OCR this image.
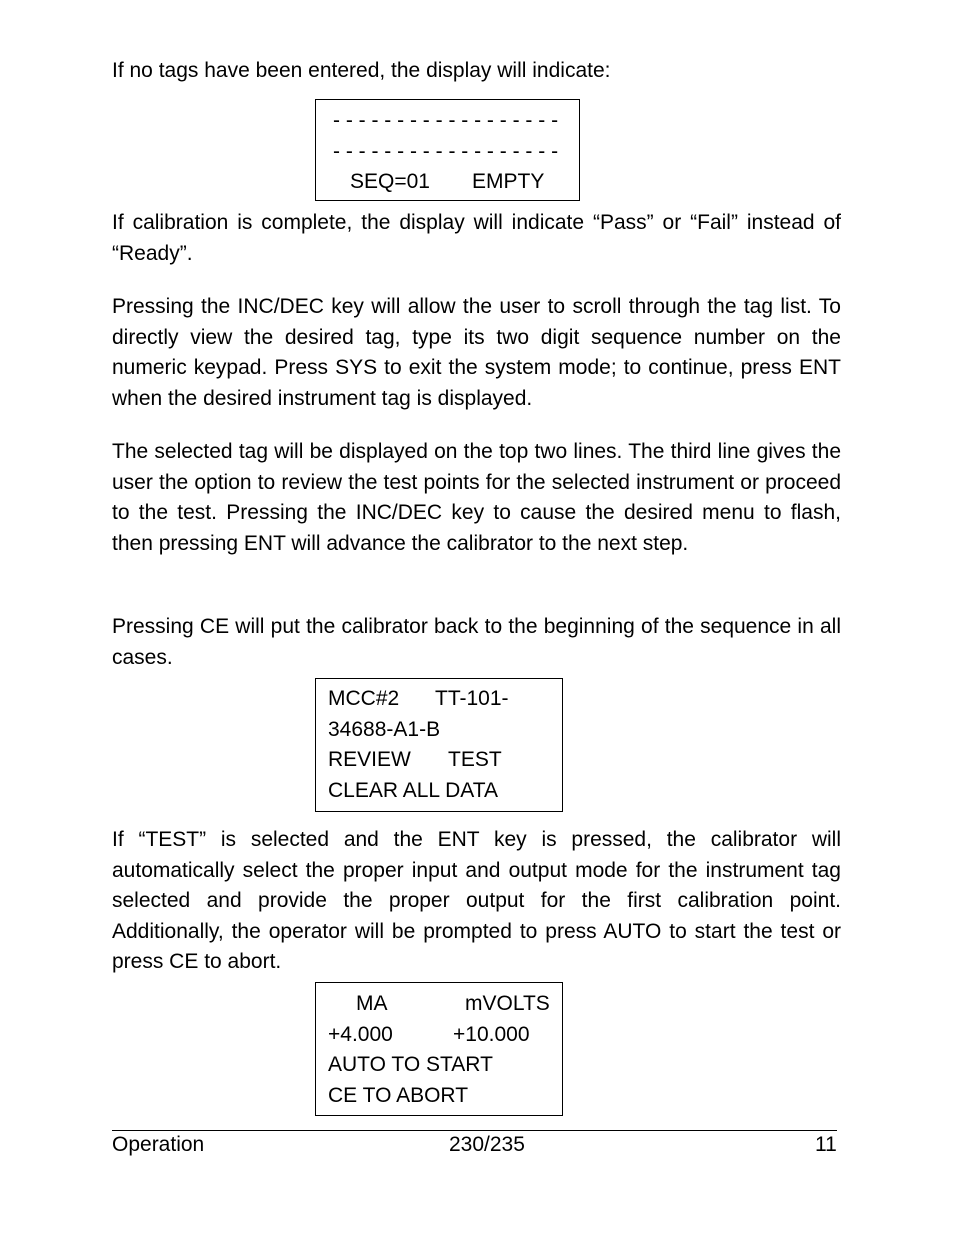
If no tags have been entered, the display will indicate:

- - - - - - - - - - - - - - - - - -
- - - - - - - - - - - - - - - - - -
SEQ=01 EMPTY

If calibration is complete, the display will indicate “Pass” or “Fail” instead of “Ready”.

Pressing the INC/DEC key will allow the user to scroll through the tag list. To directly view the desired tag, type its two digit sequence number on the numeric keypad. Press SYS to exit the system mode; to continue, press ENT when the desired instrument tag is displayed.

The selected tag will be displayed on the top two lines. The third line gives the user the option to review the test points for the selected instrument or proceed to the test. Pressing the INC/DEC key to cause the desired menu to flash, then pressing ENT will advance the calibrator to the next step.

Pressing CE will put the calibrator back to the beginning of the sequence in all cases.

MCC#2 TT-101-
34688-A1-B
REVIEW TEST
CLEAR ALL DATA

If “TEST” is selected and the ENT key is pressed, the calibrator will automatically select the proper input and output mode for the instrument tag selected and provide the proper output for the first calibration point. Additionally, the operator will be prompted to press AUTO to start the test or press CE to abort.

MA	mVOLTS
+4.000	+10.000
AUTO TO START
CE TO ABORT
Operation	230/235	11
